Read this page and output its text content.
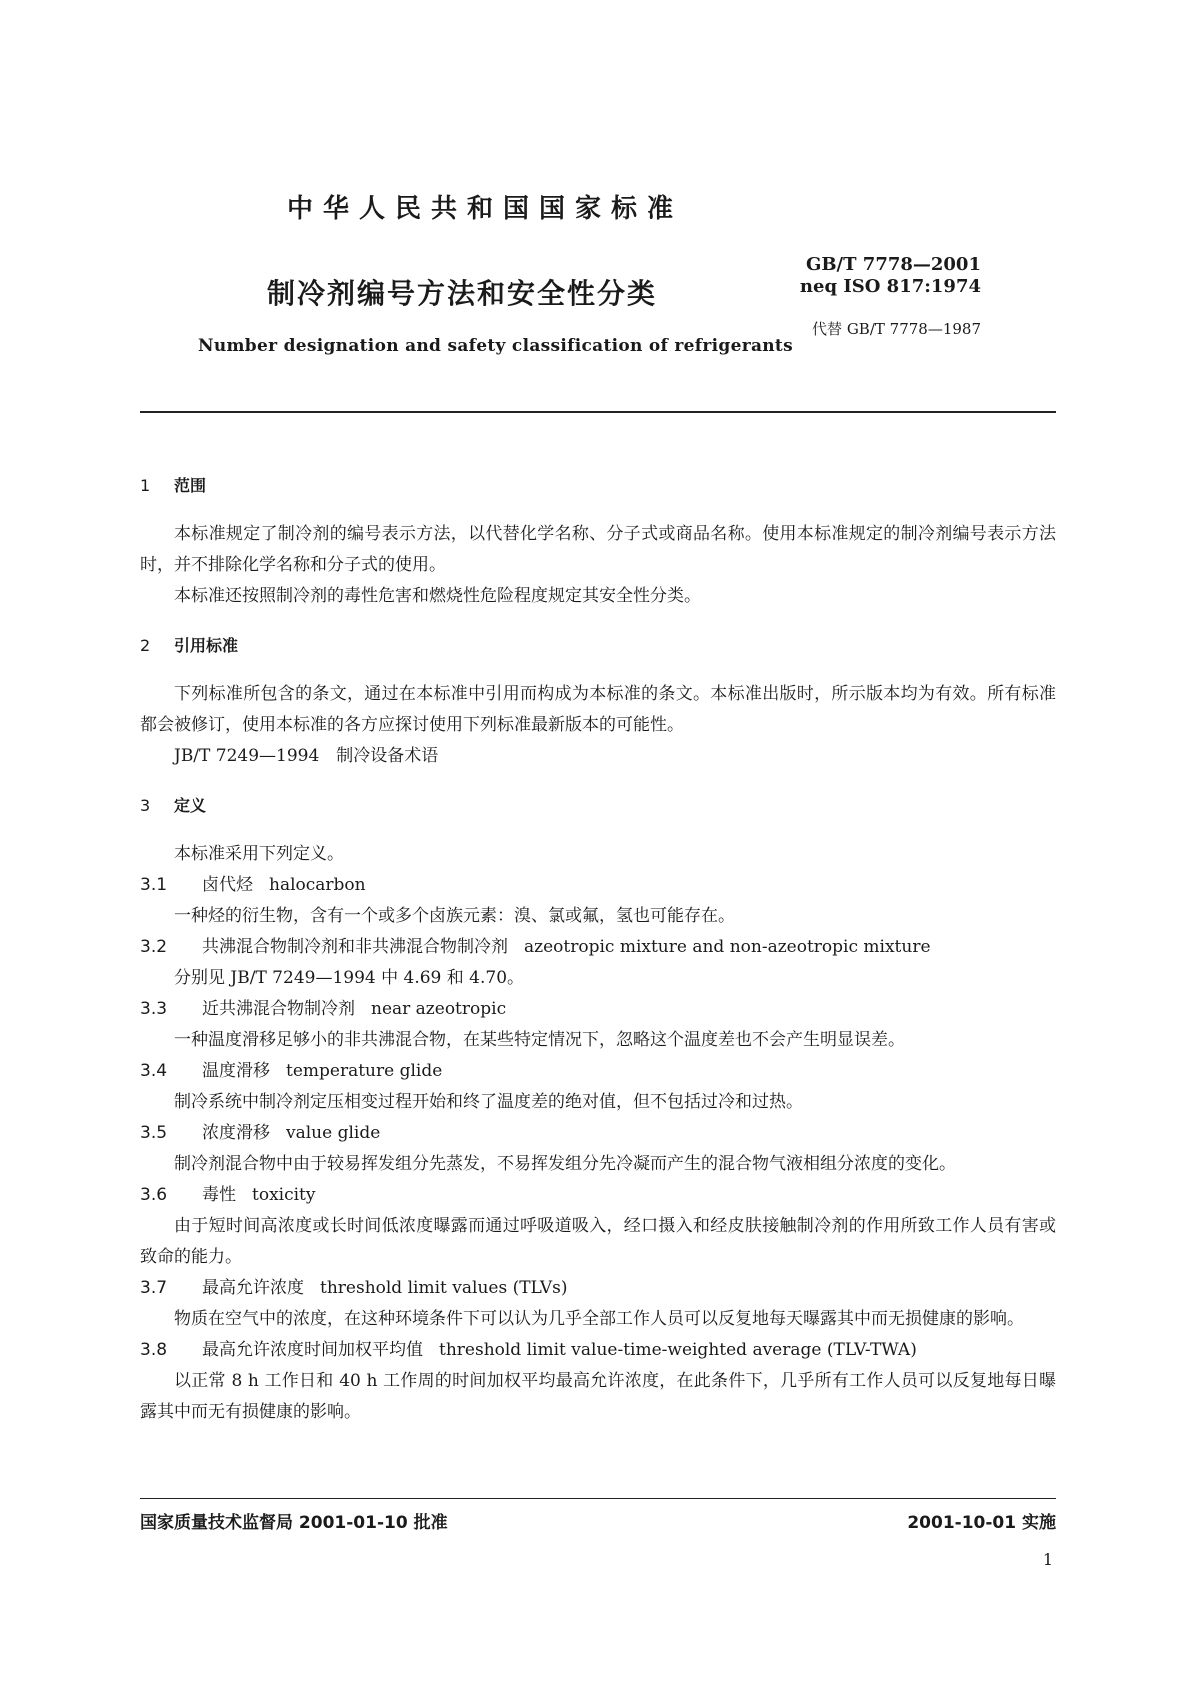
中华人民共和国国家标准
制冷剂编号方法和安全性分类
Number designation and safety classification of refrigerants
GB/T 7778—2001
neq ISO 817:1974
代替 GB/T 7778—1987
1 范围

本标准规定了制冷剂的编号表示方法，以代替化学名称、分子式或商品名称。使用本标准规定的制冷剂编号表示方法时，并不排除化学名称和分子式的使用。

本标准还按照制冷剂的毒性危害和燃烧性危险程度规定其安全性分类。

2 引用标准

下列标准所包含的条文，通过在本标准中引用而构成为本标准的条文。本标准出版时，所示版本均为有效。所有标准都会被修订，使用本标准的各方应探讨使用下列标准最新版本的可能性。

JB/T 7249—1994　制冷设备术语

3 定义

本标准采用下列定义。

3.1 卤代烃 halocarbon

一种烃的衍生物，含有一个或多个卤族元素：溴、氯或氟，氢也可能存在。

3.2 共沸混合物制冷剂和非共沸混合物制冷剂 azeotropic mixture and non-azeotropic mixture

分别见 JB/T 7249—1994 中 4.69 和 4.70。

3.3 近共沸混合物制冷剂 near azeotropic

一种温度滑移足够小的非共沸混合物，在某些特定情况下，忽略这个温度差也不会产生明显误差。

3.4 温度滑移 temperature glide

制冷系统中制冷剂定压相变过程开始和终了温度差的绝对值，但不包括过冷和过热。

3.5 浓度滑移 value glide

制冷剂混合物中由于较易挥发组分先蒸发，不易挥发组分先冷凝而产生的混合物气液相组分浓度的变化。

3.6 毒性 toxicity

由于短时间高浓度或长时间低浓度曝露而通过呼吸道吸入，经口摄入和经皮肤接触制冷剂的作用所致工作人员有害或致命的能力。

3.7 最高允许浓度 threshold limit values (TLVs)

物质在空气中的浓度，在这种环境条件下可以认为几乎全部工作人员可以反复地每天曝露其中而无损健康的影响。

3.8 最高允许浓度时间加权平均值 threshold limit value-time-weighted average (TLV-TWA)

以正常 8 h 工作日和 40 h 工作周的时间加权平均最高允许浓度，在此条件下，几乎所有工作人员可以反复地每日曝露其中而无有损健康的影响。

国家质量技术监督局 2001-01-10 批准	2001-10-01 实施
1
